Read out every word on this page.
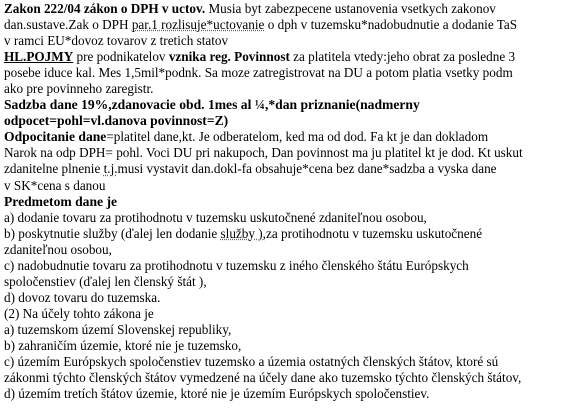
Zakon 222/04 zákon o DPH v uctov. Musia byt zabezpecene ustanovenia vsetkych zakonov

dan.sustave.Zak o DPH par.1 rozlisuje*uctovanie o dph v tuzemsku*nadobudnutie a dodanie TaS

v ramci EU*dovoz tovarov z tretich statov

HL.POJMY pre podnikatelov vznika reg. Povinnost za platitela vtedy:jeho obrat za posledne 3

posebe iduce kal. Mes 1,5mil*podnk. Sa moze zatregistrovat na DU a potom platia vsetky podm

ako pre povinneho zaregistr.

Sadzba dane 19%,zdanovacie obd. 1mes al ¼,*dan priznanie(nadmerny

odpocet=pohl=vl.danova povinnost=Z)

Odpocitanie dane=platitel dane,kt. Je odberatelom, ked ma od dod. Fa kt je dan dokladom

Narok na odp DPH= pohl. Voci DU pri nakupoch, Dan povinnost ma ju platitel kt je dod. Kt uskut

zdanitelne plnenie t.j.musi vystavit dan.dokl-fa obsahuje*cena bez dane*sadzba a vyska dane

v SK*cena s danou

Predmetom dane je

a) dodanie tovaru za protihodnotu v tuzemsku uskutočnené zdaniteľnou osobou,

b) poskytnutie služby (ďalej len dodanie služby ),za protihodnotu v tuzemsku uskutočnené

zdaniteľnou osobou,

c) nadobudnutie tovaru za protihodnotu v tuzemsku z iného členského štátu Európskych

spoločenstiev (ďalej len členský štát ),

d) dovoz tovaru do tuzemska.

(2) Na účely tohto zákona je

a) tuzemskom území Slovenskej republiky,

b) zahraničím územie, ktoré nie je tuzemsko,

c) územím Európskych spoločenstiev tuzemsko a územia ostatných členských štátov, ktoré sú

zákonmi týchto členských štátov vymedzené na účely dane ako tuzemsko týchto členských štátov,

d) územím tretích štátov územie, ktoré nie je územím Európskych spoločenstiev.
